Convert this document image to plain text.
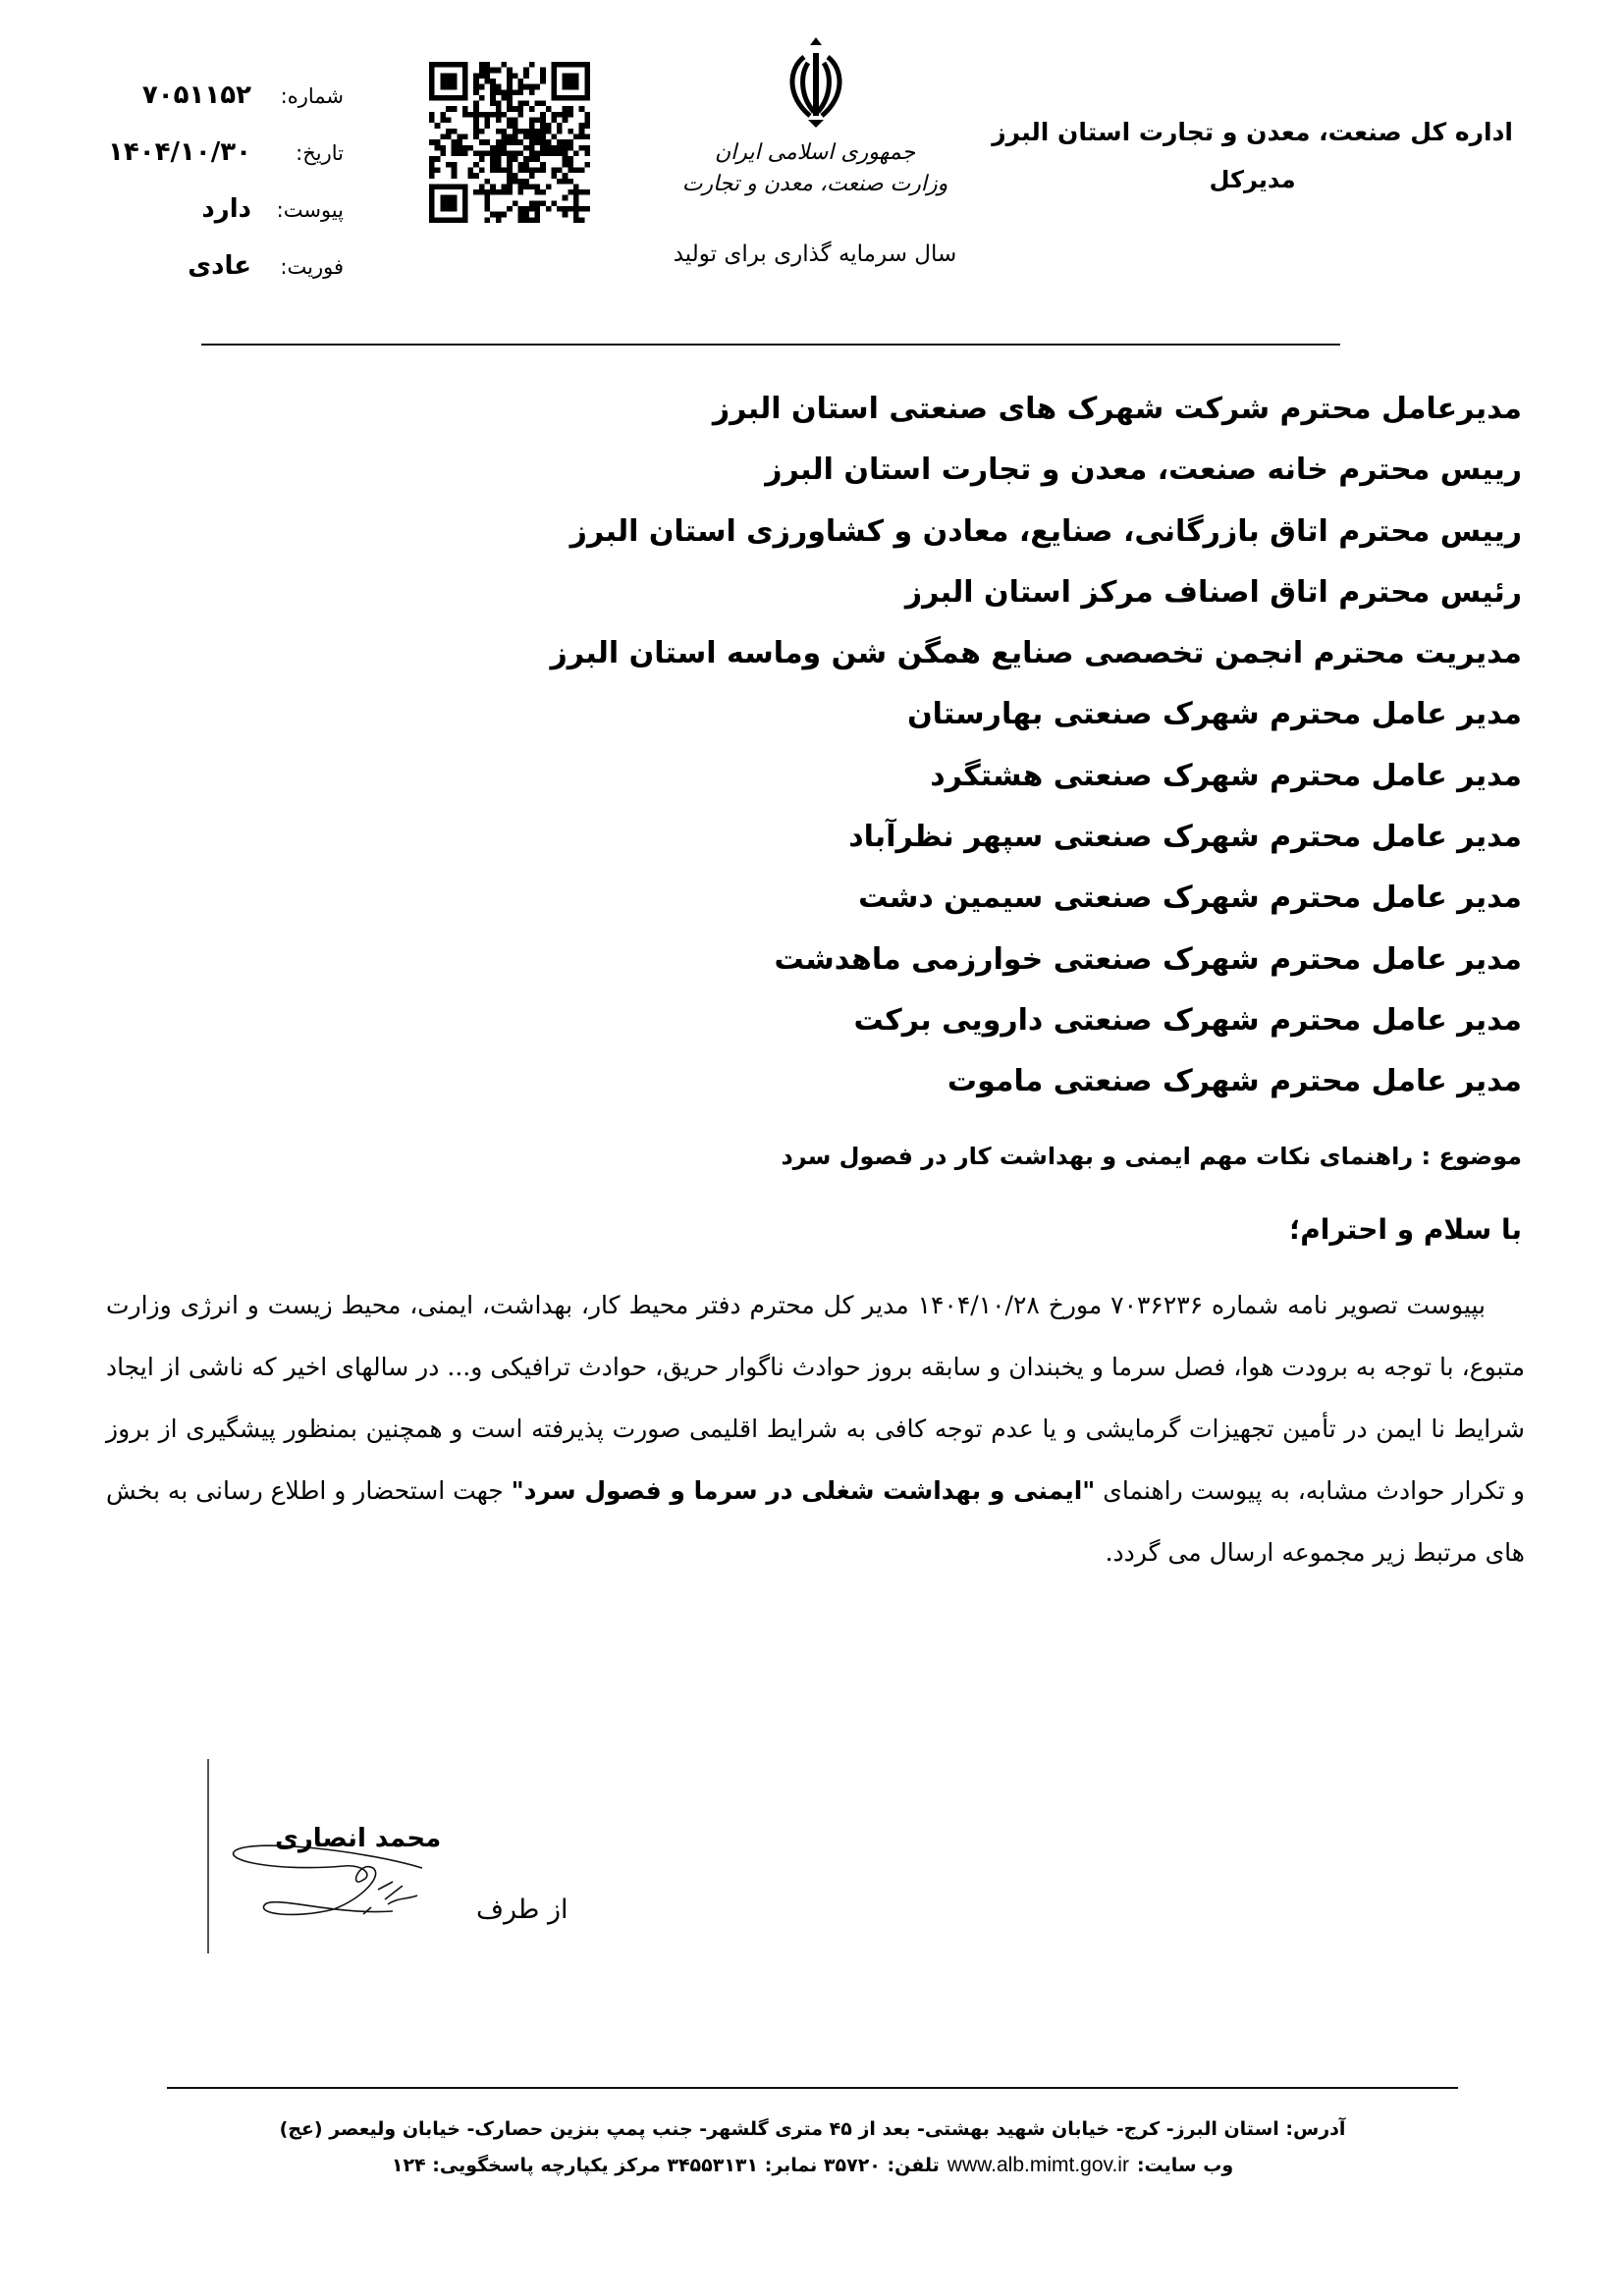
اداره کل صنعت، معدن و تجارت استان البرز
مدیرکل
جمهوری اسلامی ایران
وزارت صنعت، معدن و تجارت
سال سرمایه گذاری برای تولید
شماره:
۷۰۵۱۱۵۲
تاریخ:
۱۴۰۴/۱۰/۳۰
پیوست:
دارد
فوریت:
عادی
مدیرعامل محترم شرکت شهرک های صنعتی استان البرز
رییس محترم خانه صنعت، معدن و تجارت استان البرز
رییس محترم اتاق بازرگانی، صنایع، معادن و کشاورزی استان البرز
رئیس محترم اتاق اصناف مرکز استان البرز
مدیریت محترم انجمن تخصصی صنایع همگن شن وماسه استان البرز
مدیر عامل محترم شهرک صنعتی بهارستان
مدیر عامل محترم شهرک صنعتی هشتگرد
مدیر عامل محترم شهرک صنعتی سپهر نظرآباد
مدیر عامل محترم شهرک صنعتی سیمین دشت
مدیر عامل محترم شهرک صنعتی خوارزمی ماهدشت
مدیر عامل محترم شهرک صنعتی دارویی برکت
مدیر عامل محترم شهرک صنعتی ماموت
موضوع : راهنمای نکات مهم ایمنی و بهداشت کار در فصول سرد
با سلام و احترام؛
بپیوست تصویر نامه شماره ۷۰۳۶۲۳۶ مورخ ۱۴۰۴/۱۰/۲۸ مدیر کل محترم دفتر محیط کار، بهداشت، ایمنی، محیط زیست و انرژی وزارت متبوع، با توجه به برودت هوا، فصل سرما و یخبندان و سابقه بروز حوادث ناگوار حریق، حوادث ترافیکی و... در سالهای اخیر که ناشی از ایجاد شرایط نا ایمن در تأمین تجهیزات گرمایشی و یا عدم توجه کافی به شرایط اقلیمی صورت پذیرفته است و همچنین بمنظور پیشگیری از بروز و تکرار حوادث مشابه، به پیوست راهنمای "ایمنی و بهداشت شغلی در سرما و فصول سرد" جهت استحضار و اطلاع رسانی به بخش های مرتبط زیر مجموعه ارسال می گردد.
محمد انصاری
از طرف
آدرس: استان البرز- کرج- خیابان شهید بهشتی- بعد از ۴۵ متری گلشهر- جنب پمپ بنزین حصارک- خیابان ولیعصر (عج)
وب سایت:www.alb.mimt.gov.irتلفن: ۳۵۷۲۰ نمابر: ۳۴۵۵۳۱۳۱ مرکز یکپارچه پاسخگویی: ۱۲۴
